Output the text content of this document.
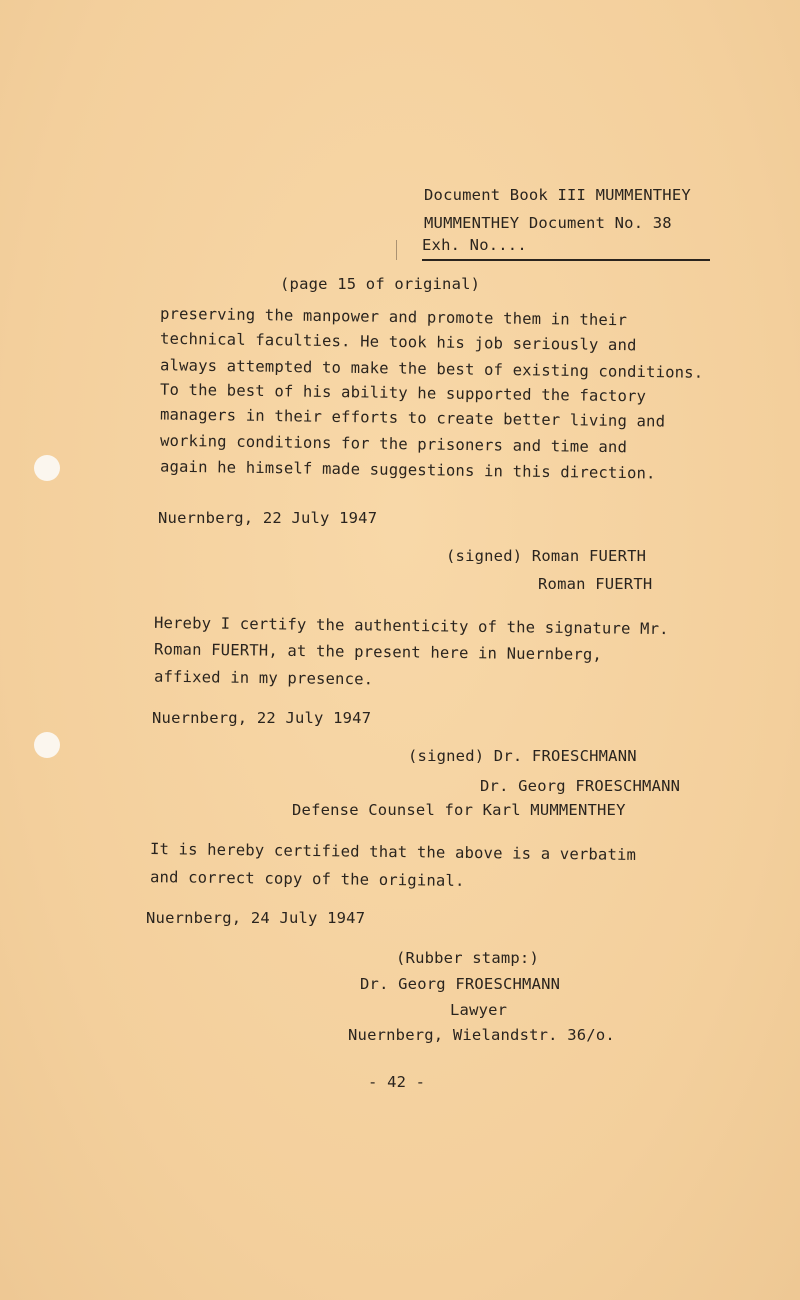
Document Book III MUMMENTHEY
MUMMENTHEY Document No. 38
Exh. No....
(page 15 of original)
preserving the manpower and promote them in their
technical faculties. He took his job seriously and
always attempted to make the best of existing conditions.
To the best of his ability he supported the factory
managers in their efforts to create better living and
working conditions for the prisoners and time and
again he himself made suggestions in this direction.
Nuernberg, 22 July 1947
(signed) Roman FUERTH
Roman FUERTH
Hereby I certify the authenticity of the signature Mr.
Roman FUERTH, at the present here in Nuernberg,
affixed in my presence.
Nuernberg, 22 July 1947
(signed) Dr. FROESCHMANN
Dr. Georg FROESCHMANN
Defense Counsel for Karl MUMMENTHEY
It is hereby certified that the above is a verbatim
and correct copy of the original.
Nuernberg, 24 July 1947
(Rubber stamp:)
Dr. Georg FROESCHMANN
Lawyer
Nuernberg, Wielandstr. 36/o.
- 42 -
